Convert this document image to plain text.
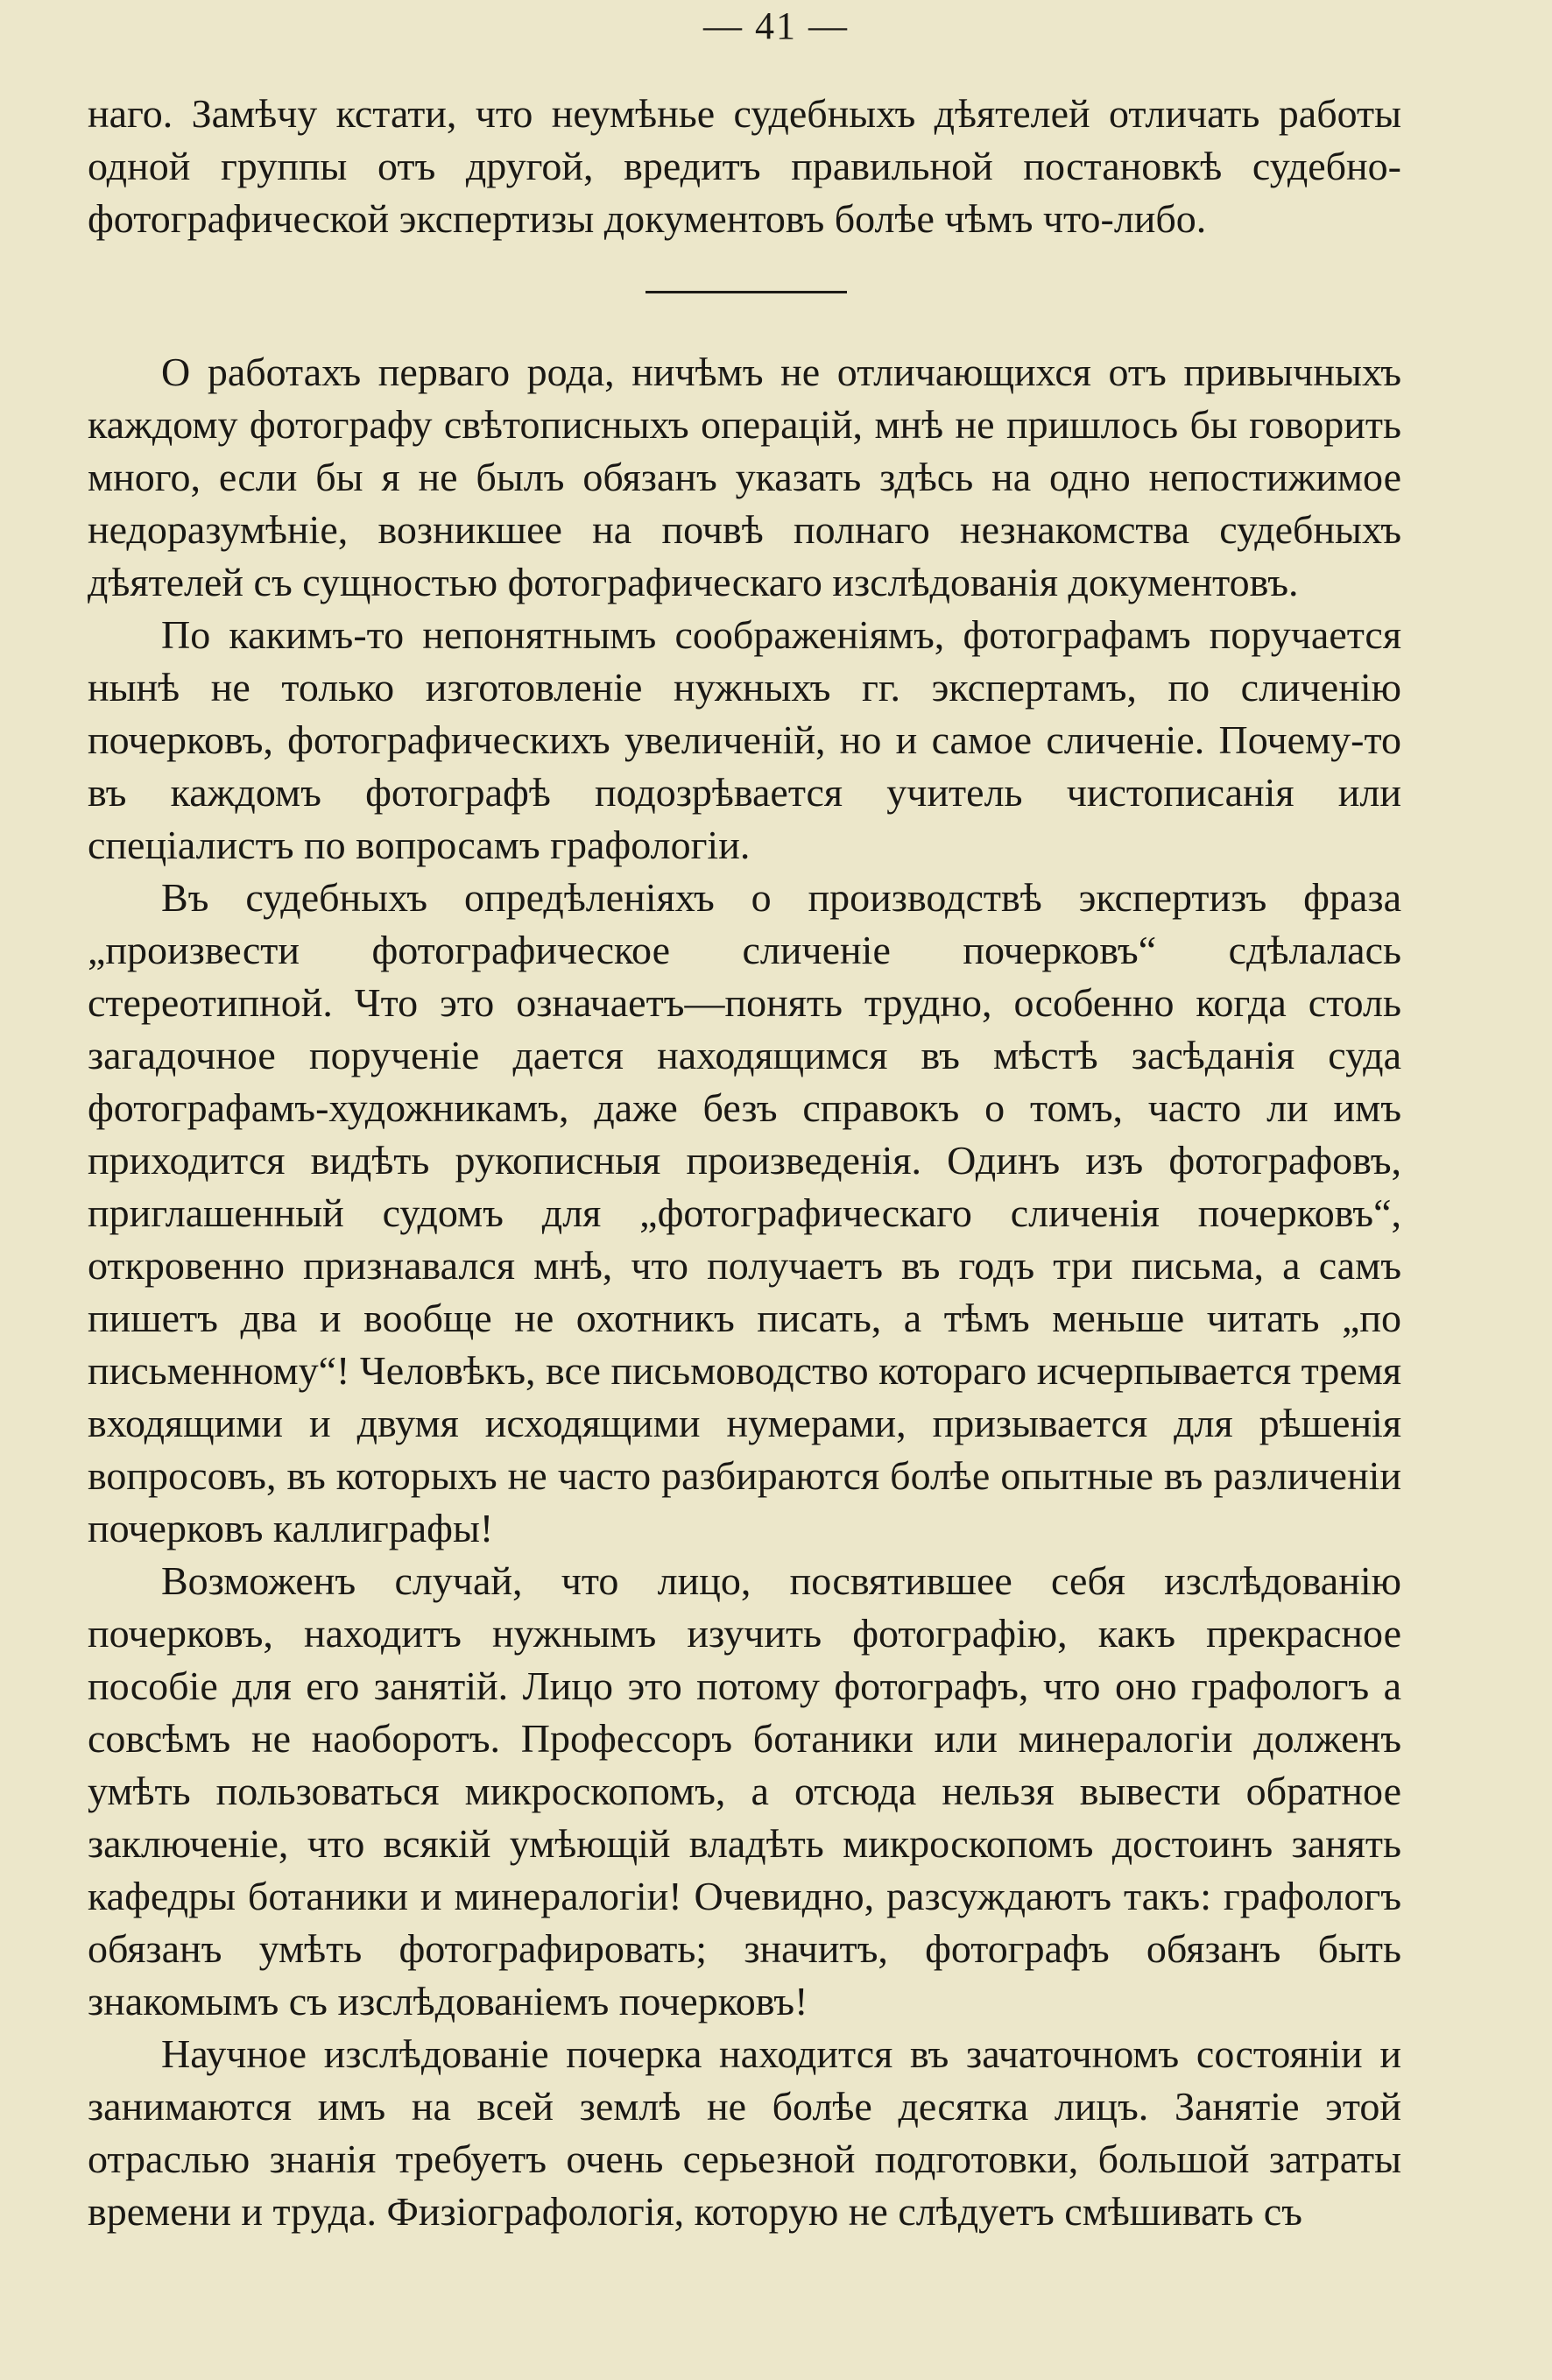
— 41 —

наго. Замѣчу кстати, что неумѣнье судебныхъ дѣятелей отличать работы одной группы отъ другой, вредитъ правильной постановкѣ судебно-фотографической экспертизы документовъ болѣе чѣмъ что-либо.

О работахъ перваго рода, ничѣмъ не отличающихся отъ привычныхъ каждому фотографу свѣтописныхъ операцій, мнѣ не пришлось бы говорить много, если бы я не былъ обязанъ указать здѣсь на одно непостижимое недоразумѣніе, возникшее на почвѣ полнаго незнакомства судебныхъ дѣятелей съ сущностью фотографическаго изслѣдованія документовъ.

По какимъ-то непонятнымъ соображеніямъ, фотографамъ поручается нынѣ не только изготовленіе нужныхъ гг. экспертамъ, по сличенію почерковъ, фотографическихъ увеличеній, но и самое сличеніе. Почему-то въ каждомъ фотографѣ подозрѣвается учитель чистописанія или спеціалистъ по вопросамъ графологіи.

Въ судебныхъ опредѣленіяхъ о производствѣ экспертизъ фраза „произвести фотографическое сличеніе почерковъ“ сдѣлалась стереотипной. Что это означаетъ—понять трудно, особенно когда столь загадочное порученіе дается находящимся въ мѣстѣ засѣданія суда фотографамъ-художникамъ, даже безъ справокъ о томъ, часто ли имъ приходится видѣть рукописныя произведенія. Одинъ изъ фотографовъ, приглашенный судомъ для „фотографическаго сличенія почерковъ“, откровенно признавался мнѣ, что получаетъ въ годъ три письма, а самъ пишетъ два и вообще не охотникъ писать, а тѣмъ меньше читать „по письменному“! Человѣкъ, все письмоводство котораго исчерпывается тремя входящими и двумя исходящими нумерами, призывается для рѣшенія вопросовъ, въ которыхъ не часто разбираются болѣе опытные въ различеніи почерковъ каллиграфы!

Возможенъ случай, что лицо, посвятившее себя изслѣдованію почерковъ, находитъ нужнымъ изучить фотографію, какъ прекрасное пособіе для его занятій. Лицо это потому фотографъ, что оно графологъ а совсѣмъ не наоборотъ. Профессоръ ботаники или минералогіи долженъ умѣть пользоваться микроскопомъ, а отсюда нельзя вывести обратное заключеніе, что всякій умѣющій владѣть микроскопомъ достоинъ занять кафедры ботаники и минералогіи! Очевидно, разсуждаютъ такъ: графологъ обязанъ умѣть фотографировать; значитъ, фотографъ обязанъ быть знакомымъ съ изслѣдованіемъ почерковъ!

Научное изслѣдованіе почерка находится въ зачаточномъ состояніи и занимаются имъ на всей землѣ не болѣе десятка лицъ. Занятіе этой отраслью знанія требуетъ очень серьезной подготовки, большой затраты времени и труда. Физіографологія, которую не слѣдуетъ смѣшивать съ
